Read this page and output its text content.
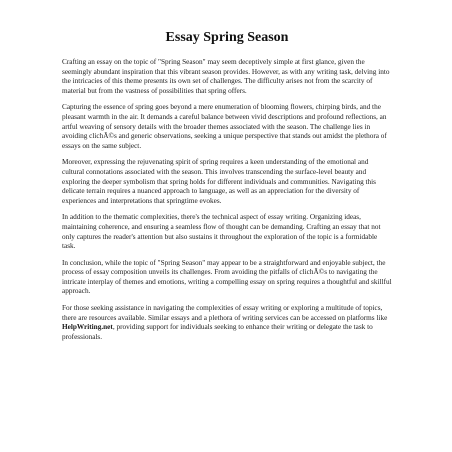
Essay Spring Season

Crafting an essay on the topic of "Spring Season" may seem deceptively simple at first glance, given the seemingly abundant inspiration that this vibrant season provides. However, as with any writing task, delving into the intricacies of this theme presents its own set of challenges. The difficulty arises not from the scarcity of material but from the vastness of possibilities that spring offers.

Capturing the essence of spring goes beyond a mere enumeration of blooming flowers, chirping birds, and the pleasant warmth in the air. It demands a careful balance between vivid descriptions and profound reflections, an artful weaving of sensory details with the broader themes associated with the season. The challenge lies in avoiding clichÃ©s and generic observations, seeking a unique perspective that stands out amidst the plethora of essays on the same subject.

Moreover, expressing the rejuvenating spirit of spring requires a keen understanding of the emotional and cultural connotations associated with the season. This involves transcending the surface-level beauty and exploring the deeper symbolism that spring holds for different individuals and communities. Navigating this delicate terrain requires a nuanced approach to language, as well as an appreciation for the diversity of experiences and interpretations that springtime evokes.

In addition to the thematic complexities, there's the technical aspect of essay writing. Organizing ideas, maintaining coherence, and ensuring a seamless flow of thought can be demanding. Crafting an essay that not only captures the reader's attention but also sustains it throughout the exploration of the topic is a formidable task.

In conclusion, while the topic of "Spring Season" may appear to be a straightforward and enjoyable subject, the process of essay composition unveils its challenges. From avoiding the pitfalls of clichÃ©s to navigating the intricate interplay of themes and emotions, writing a compelling essay on spring requires a thoughtful and skillful approach.

For those seeking assistance in navigating the complexities of essay writing or exploring a multitude of topics, there are resources available. Similar essays and a plethora of writing services can be accessed on platforms like HelpWriting.net, providing support for individuals seeking to enhance their writing or delegate the task to professionals.
